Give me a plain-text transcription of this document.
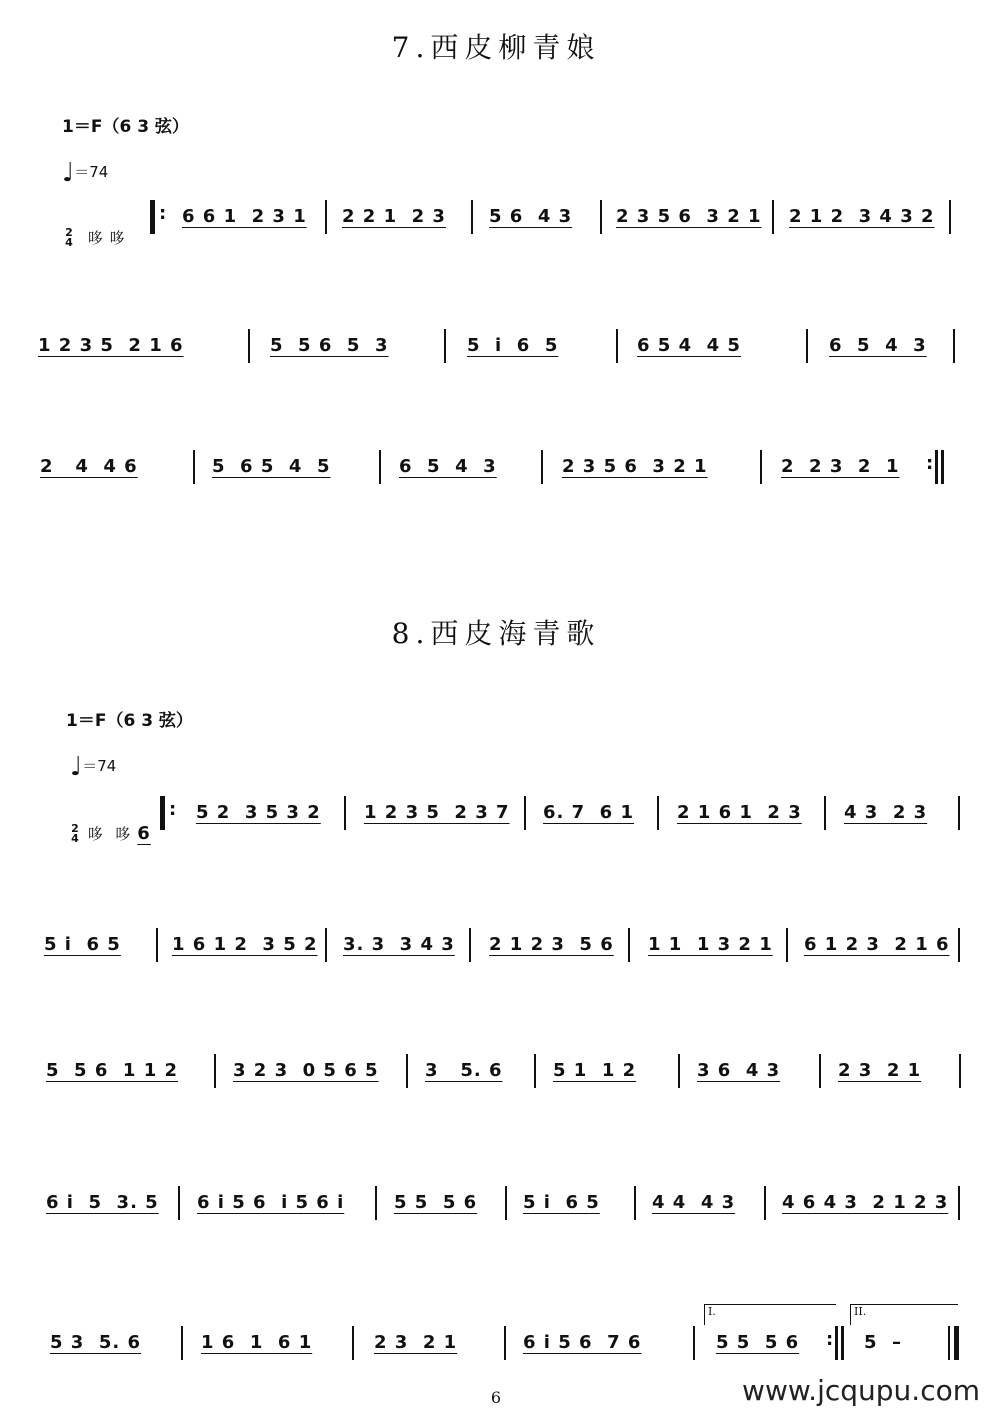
7.西皮柳青娘
1＝F（6 3 弦）
♩＝74

2
4 哆 哆

:
6 6 1  2 3 1 2 2 1  2 3 5 6  4 3 2 3 5 6  3 2 1 2 1 2  3 4 3 2
1 2 3 5  2 1 6	5  5 6  5  3	5  i  6  5	6 5 4  4 5	6  5  4  3
2   4  4 6	5  6 5  4  5	6  5  4  3	2 3 5 6  3 2 1	2  2 3  2  1
:
8.西皮海青歌
1＝F（6 3 弦）
♩＝74

2
4 哆  哆 6

:
5 2  3 5 3 2 1 2 3 5  2 3 7 6. 7  6 1 2 1 6 1  2 3 4 3  2 3
5 i  6 5	1 6 1 2  3 5 2 3. 3  3 4 3 2 1 2 3  5 6 1 1  1 3 2 1 6 1 2 3  2 1 6
5  5 6  1 1 2	3 2 3  0 5 6 5	3   5. 6	5 1  1 2	3 6  4 3	2 3  2 1
6 i  5  3. 5 6 i 5 6  i 5 6 i	5 5  5 6	5 i  6 5	4 4  4 3	4 6 4 3  2 1 2 3
5 3  5. 6	1 6  1  6 1	2 3  2 1	6 i 5 6  7 6
I.
5 5  5 6
:
II.
5  –
6	www.jcqupu.com
